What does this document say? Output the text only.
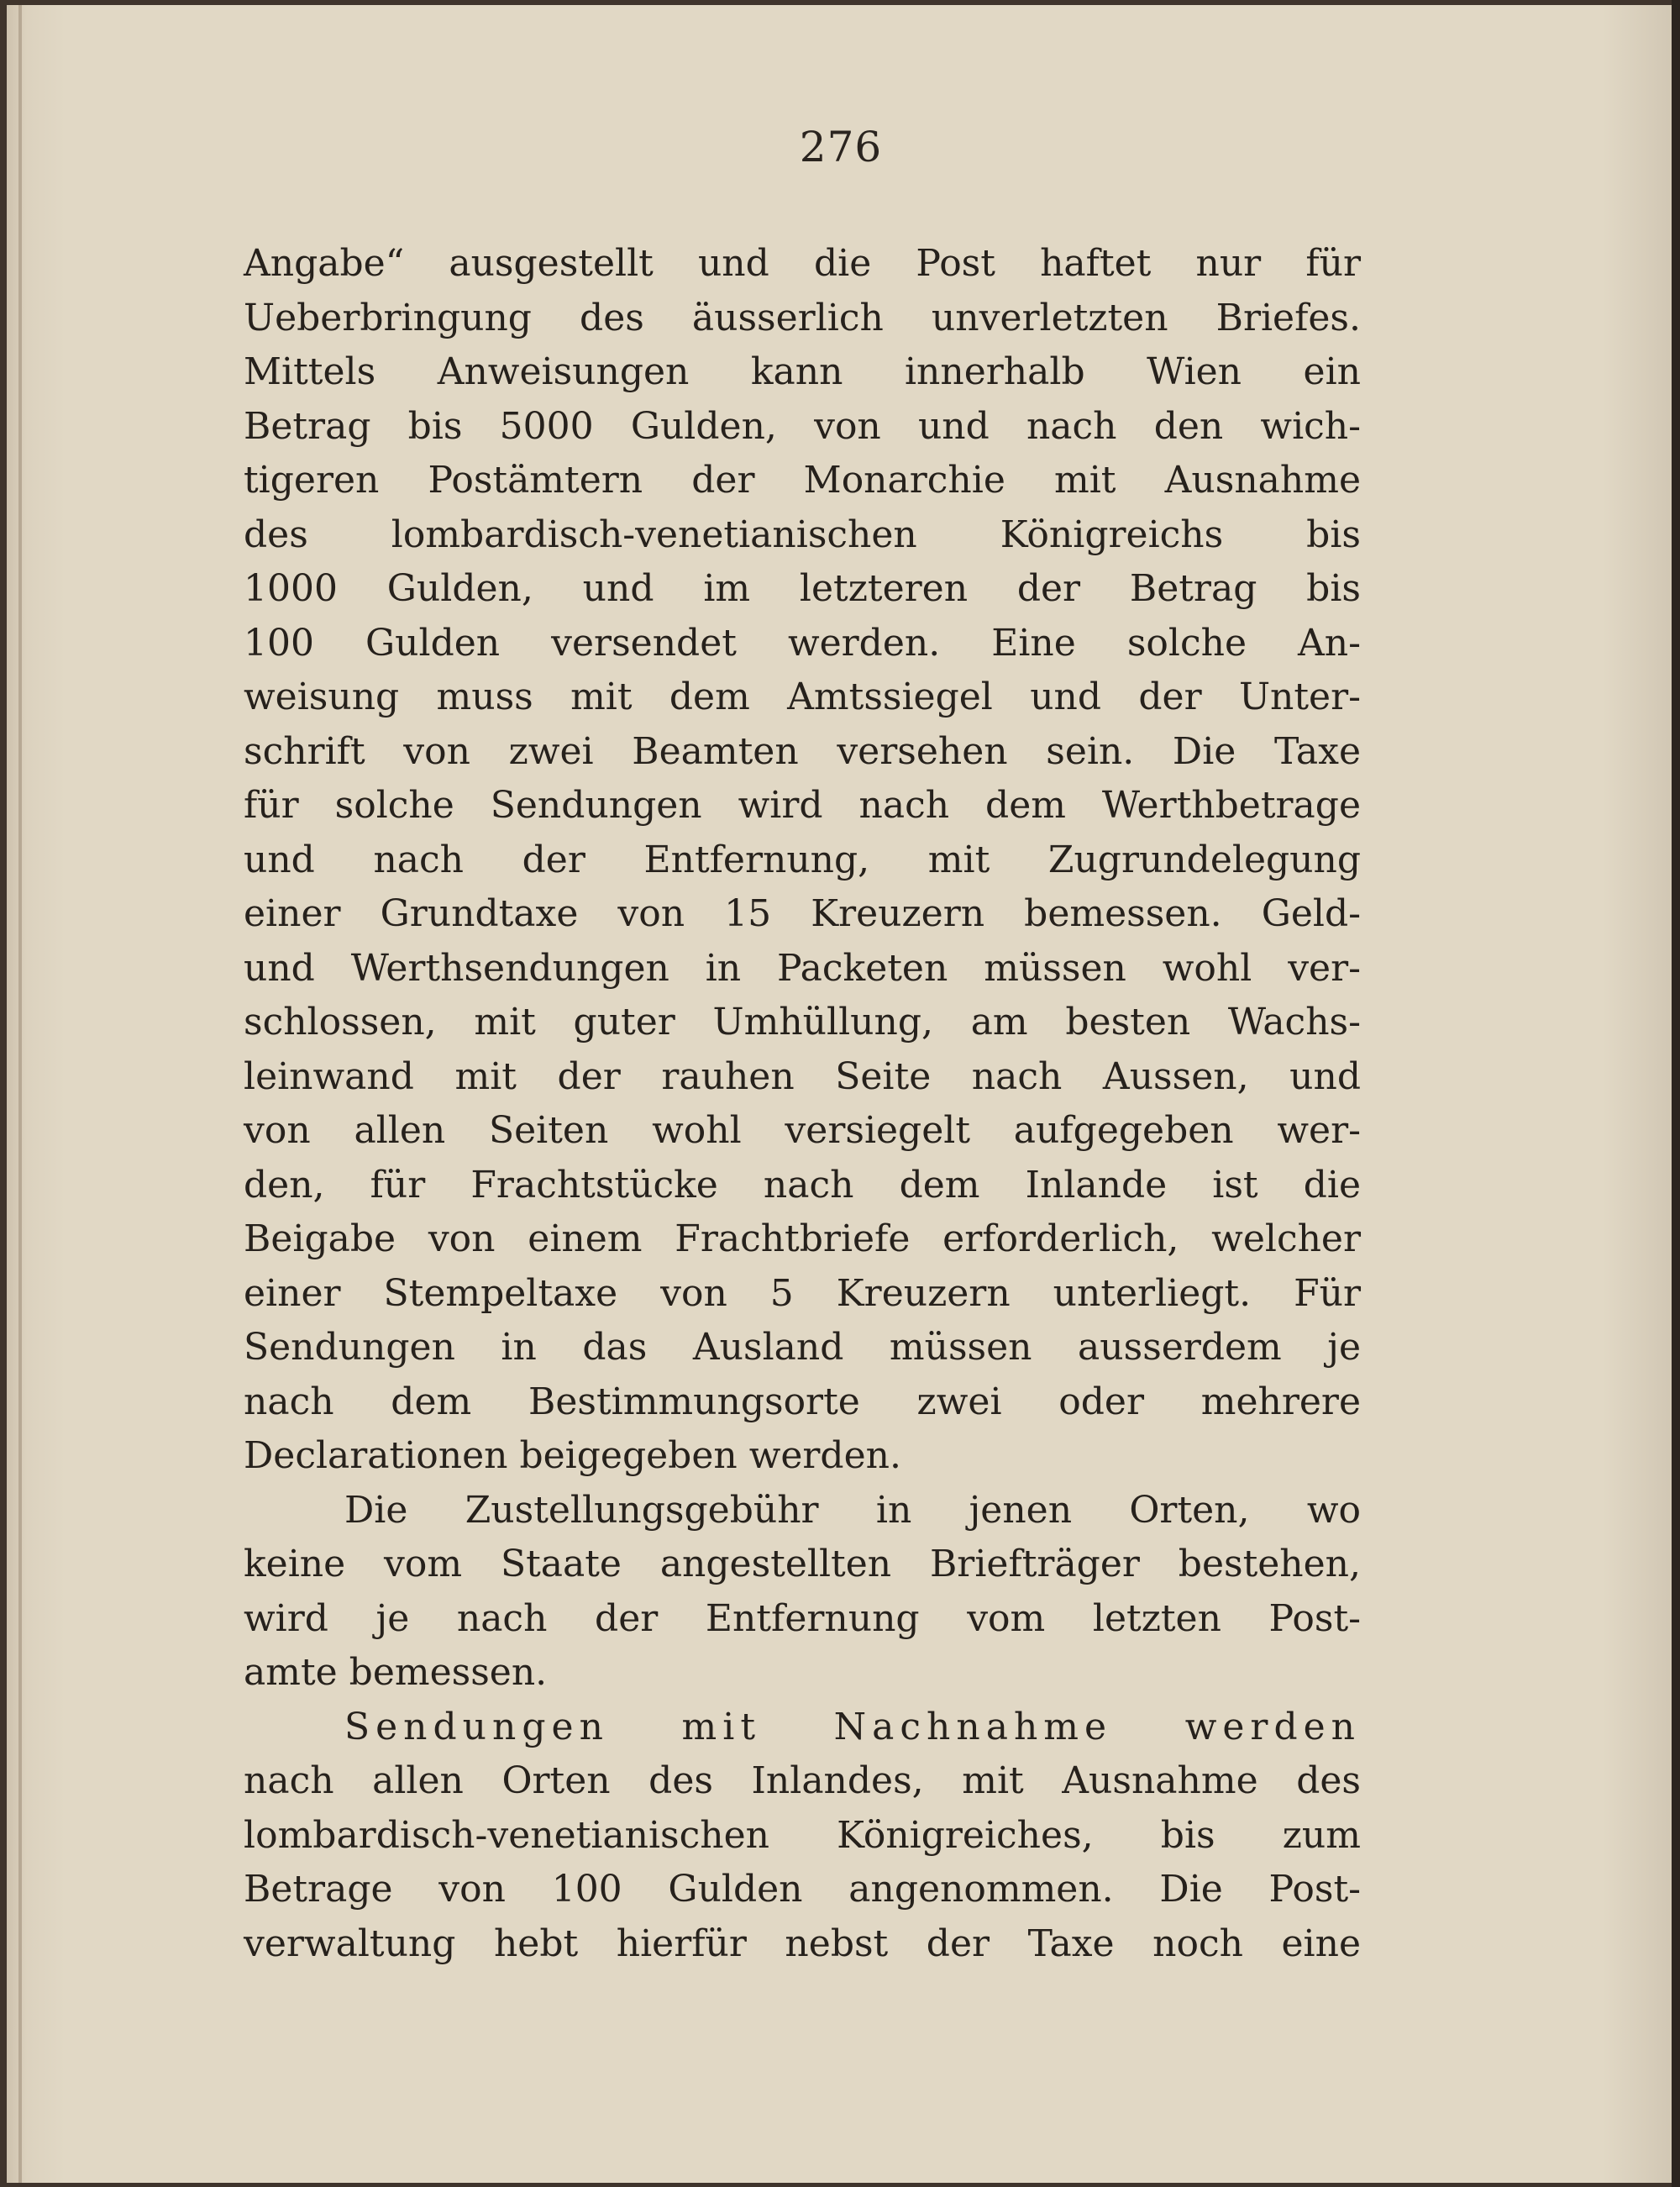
276
Angabe“ ausgestellt und die Post haftet nur für
Ueberbringung des äusserlich unverletzten Briefes.
Mittels Anweisungen kann innerhalb Wien ein
Betrag bis 5000 Gulden, von und nach den wich-
tigeren Postämtern der Monarchie mit Ausnahme
des lombardisch-venetianischen Königreichs bis
1000 Gulden, und im letzteren der Betrag bis
100 Gulden versendet werden. Eine solche An-
weisung muss mit dem Amtssiegel und der Unter-
schrift von zwei Beamten versehen sein. Die Taxe
für solche Sendungen wird nach dem Werthbetrage
und nach der Entfernung, mit Zugrundelegung
einer Grundtaxe von 15 Kreuzern bemessen. Geld-
und Werthsendungen in Packeten müssen wohl ver-
schlossen, mit guter Umhüllung, am besten Wachs-
leinwand mit der rauhen Seite nach Aussen, und
von allen Seiten wohl versiegelt aufgegeben wer-
den, für Frachtstücke nach dem Inlande ist die
Beigabe von einem Frachtbriefe erforderlich, welcher
einer Stempeltaxe von 5 Kreuzern unterliegt. Für
Sendungen in das Ausland müssen ausserdem je
nach dem Bestimmungsorte zwei oder mehrere
Declarationen beigegeben werden.
Die Zustellungsgebühr in jenen Orten, wo
keine vom Staate angestellten Briefträger bestehen,
wird je nach der Entfernung vom letzten Post-
amte bemessen.
Sendungen mit Nachnahme werden
nach allen Orten des Inlandes, mit Ausnahme des
lombardisch-venetianischen Königreiches, bis zum
Betrage von 100 Gulden angenommen. Die Post-
verwaltung hebt hierfür nebst der Taxe noch eine
